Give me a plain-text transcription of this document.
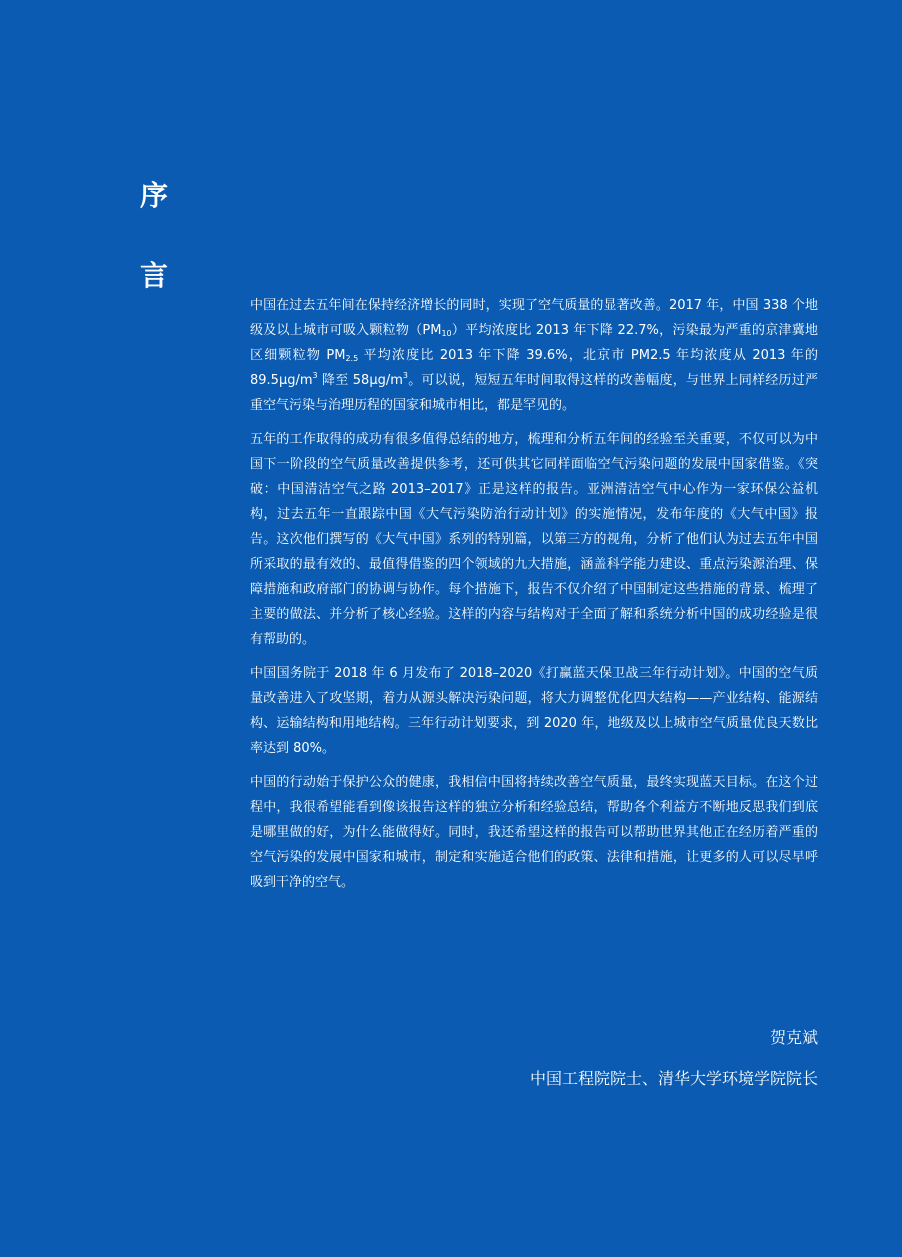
序
言

中国在过去五年间在保持经济增长的同时，实现了空气质量的显著改善。2017 年，中国 338 个地级及以上城市可吸入颗粒物$(PM_{10})$平均浓度比 2013 年下降 22.7%，污染最为严重的京津冀地区细颗粒物 $PM_{2.5}$ 平均浓度比 2013 年下降 39.6%，北京市 PM2.5 年均浓度从 2013 年的 $89.5\mu g/m^3$ 降至 $58\mu g/m^3$。可以说，短短五年时间取得这样的改善幅度，与世界上同样经历过严重空气污染与治理历程的国家和城市相比，都是罕见的。

五年的工作取得的成功有很多值得总结的地方，梳理和分析五年间的经验至关重要，不仅可以为中国下一阶段的空气质量改善提供参考，还可供其它同样面临空气污染问题的发展中国家借鉴。《突破：中国清洁空气之路 2013–2017》正是这样的报告。亚洲清洁空气中心作为一家环保公益机构，过去五年一直跟踪中国《大气污染防治行动计划》的实施情况，发布年度的《大气中国》报告。这次他们撰写的《大气中国》系列的特别篇，以第三方的视角，分析了他们认为过去五年中国所采取的最有效的、最值得借鉴的四个领域的九大措施，涵盖科学能力建设、重点污染源治理、保障措施和政府部门的协调与协作。每个措施下，报告不仅介绍了中国制定这些措施的背景、梳理了主要的做法、并分析了核心经验。这样的内容与结构对于全面了解和系统分析中国的成功经验是很有帮助的。

中国国务院于 2018 年 6 月发布了 2018–2020《打赢蓝天保卫战三年行动计划》。中国的空气质量改善进入了攻坚期，着力从源头解决污染问题，将大力调整优化四大结构——产业结构、能源结构、运输结构和用地结构。三年行动计划要求，到 2020 年，地级及以上城市空气质量优良天数比率达到 80%。

中国的行动始于保护公众的健康，我相信中国将持续改善空气质量，最终实现蓝天目标。在这个过程中，我很希望能看到像该报告这样的独立分析和经验总结，帮助各个利益方不断地反思我们到底是哪里做的好，为什么能做得好。同时，我还希望这样的报告可以帮助世界其他正在经历着严重的空气污染的发展中国家和城市，制定和实施适合他们的政策、法律和措施，让更多的人可以尽早呼吸到干净的空气。

贺克斌
中国工程院院士、清华大学环境学院院长
